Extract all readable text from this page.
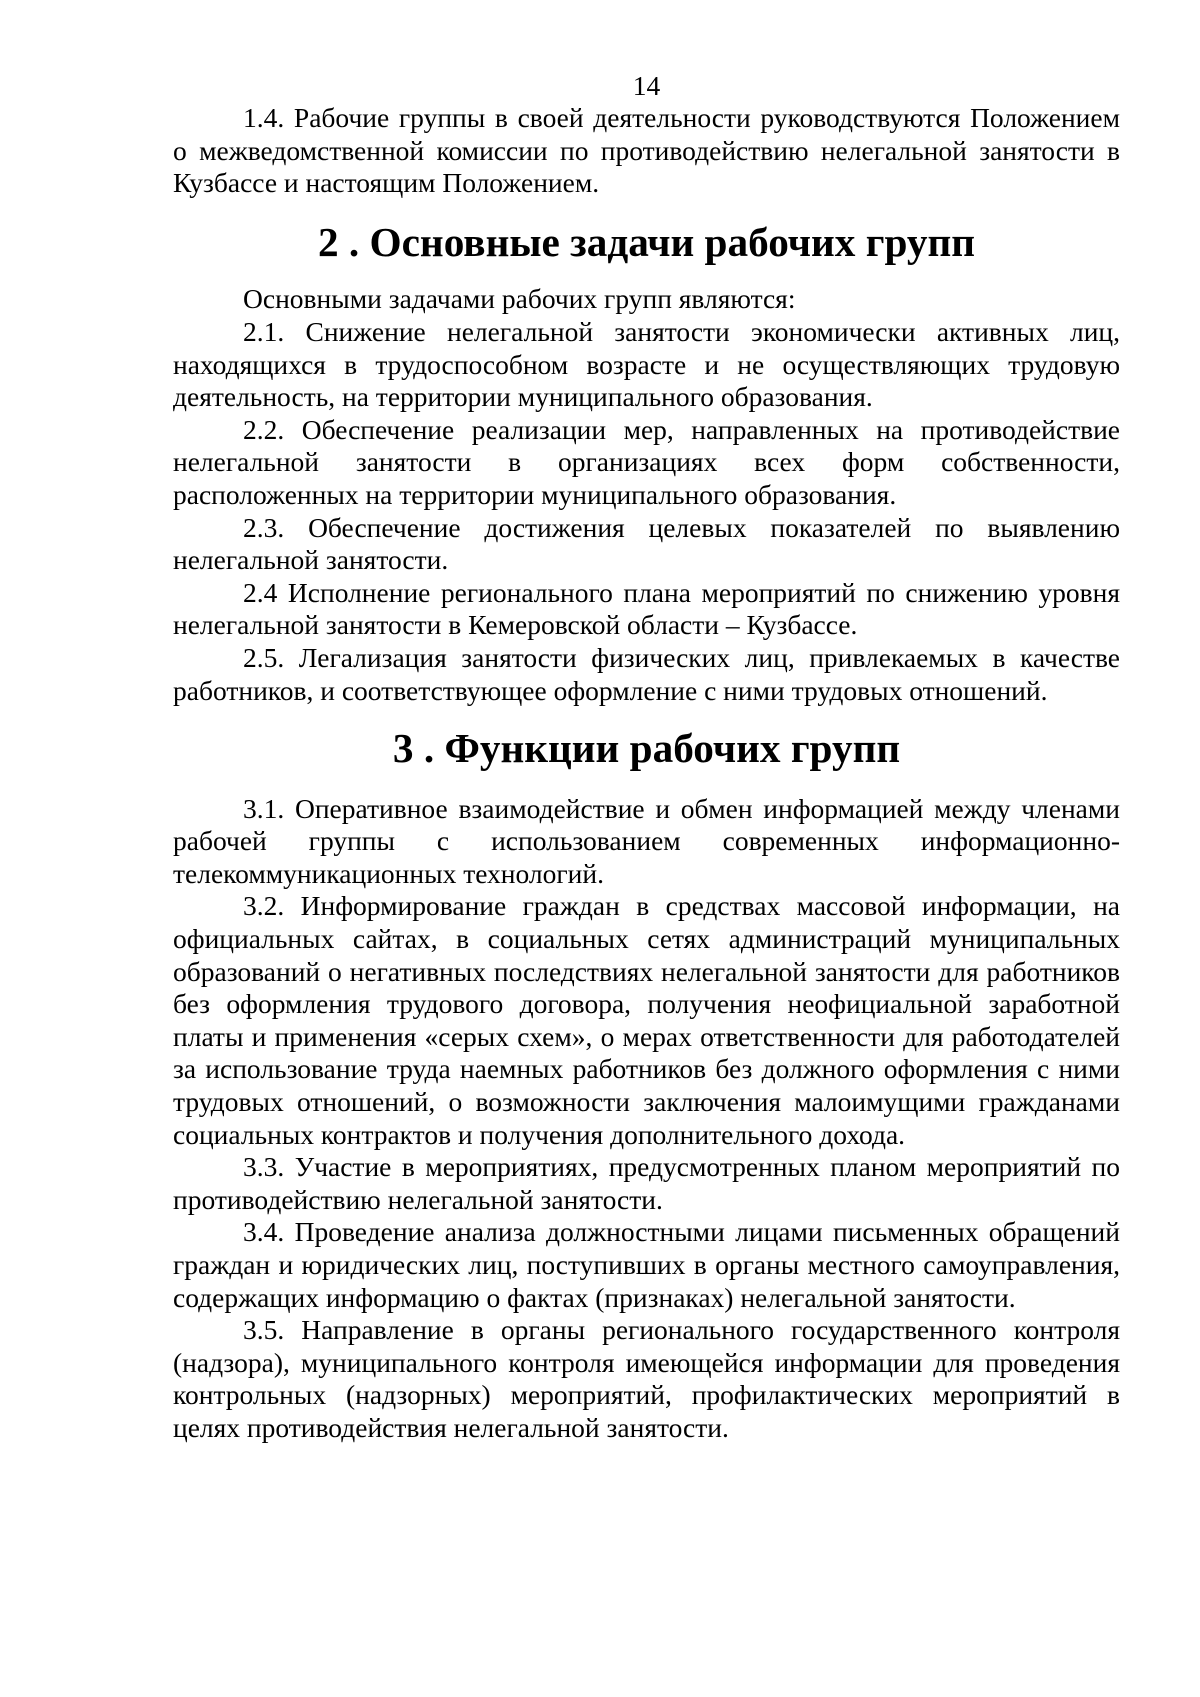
14

1.4. Рабочие группы в своей деятельности руководствуются Положением о межведомственной комиссии по противодействию нелегальной занятости в Кузбассе и настоящим Положением.

2 . Основные задачи рабочих групп

Основными задачами рабочих групп являются:

2.1. Снижение нелегальной занятости экономически активных лиц, находящихся в трудоспособном возрасте и не осуществляющих трудовую деятельность, на территории муниципального образования.

2.2. Обеспечение реализации мер, направленных на противодействие нелегальной занятости в организациях всех форм собственности, расположенных на территории муниципального образования.

2.3. Обеспечение достижения целевых показателей по выявлению нелегальной занятости.

2.4 Исполнение регионального плана мероприятий по снижению уровня нелегальной занятости в Кемеровской области – Кузбассе.

2.5. Легализация занятости физических лиц, привлекаемых в качестве работников, и соответствующее оформление с ними трудовых отношений.

3 . Функции рабочих групп

3.1. Оперативное взаимодействие и обмен информацией между членами рабочей группы с использованием современных информационно-телекоммуникационных технологий.

3.2. Информирование граждан в средствах массовой информации, на официальных сайтах, в социальных сетях администраций муниципальных образований о негативных последствиях нелегальной занятости для работников без оформления трудового договора, получения неофициальной заработной платы и применения «серых схем», о мерах ответственности для работодателей за использование труда наемных работников без должного оформления с ними трудовых отношений, о возможности заключения малоимущими гражданами социальных контрактов и получения дополнительного дохода.

3.3. Участие в мероприятиях, предусмотренных планом мероприятий по противодействию нелегальной занятости.

3.4. Проведение анализа должностными лицами письменных обращений граждан и юридических лиц, поступивших в органы местного самоуправления, содержащих информацию о фактах (признаках) нелегальной занятости.

3.5. Направление в органы регионального государственного контроля (надзора), муниципального контроля имеющейся информации для проведения контрольных (надзорных) мероприятий, профилактических мероприятий в целях противодействия нелегальной занятости.
